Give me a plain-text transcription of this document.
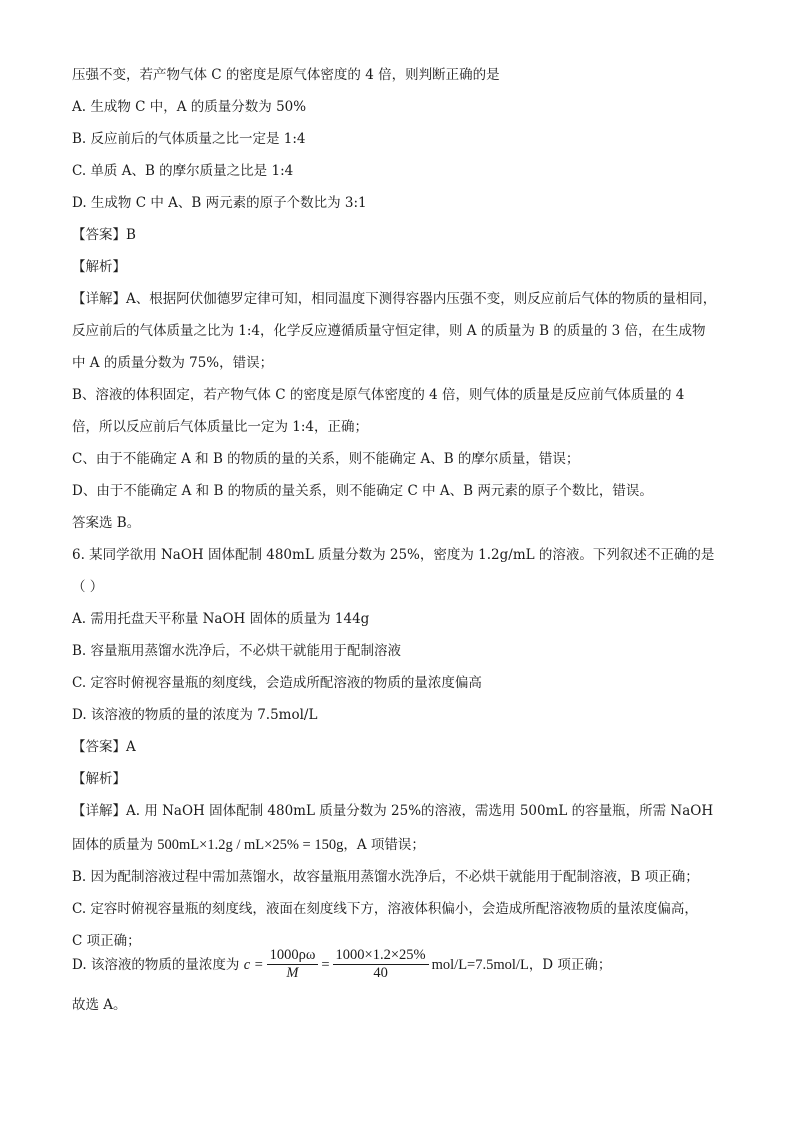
压强不变，若产物气体 C 的密度是原气体密度的 4 倍，则判断正确的是
A. 生成物 C 中，A 的质量分数为 50%
B. 反应前后的气体质量之比一定是 1:4
C. 单质 A、B 的摩尔质量之比是 1:4
D. 生成物 C 中 A、B 两元素的原子个数比为 3:1
【答案】B
【解析】
【详解】A、根据阿伏伽德罗定律可知，相同温度下测得容器内压强不变，则反应前后气体的物质的量相同，
反应前后的气体质量之比为 1:4，化学反应遵循质量守恒定律，则 A 的质量为 B 的质量的 3 倍，在生成物
中 A 的质量分数为 75%，错误；
B、溶液的体积固定，若产物气体 C 的密度是原气体密度的 4 倍，则气体的质量是反应前气体质量的 4
倍，所以反应前后气体质量比一定为 1:4，正确；
C、由于不能确定 A 和 B 的物质的量的关系，则不能确定 A、B 的摩尔质量，错误；
D、由于不能确定 A 和 B 的物质的量关系，则不能确定 C 中 A、B 两元素的原子个数比，错误。
答案选 B。
6. 某同学欲用 NaOH 固体配制 480mL 质量分数为 25%，密度为 1.2g/mL 的溶液。下列叙述不正确的是
（ ）
A. 需用托盘天平称量 NaOH 固体的质量为 144g
B. 容量瓶用蒸馏水洗净后，不必烘干就能用于配制溶液
C. 定容时俯视容量瓶的刻度线，会造成所配溶液的物质的量浓度偏高
D. 该溶液的物质的量的浓度为 7.5mol/L
【答案】A
【解析】
【详解】A. 用 NaOH 固体配制 480mL 质量分数为 25%的溶液，需选用 500mL 的容量瓶，所需 NaOH
固体的质量为 500mL×1.2g / mL×25% = 150g，A 项错误；
B. 因为配制溶液过程中需加蒸馏水，故容量瓶用蒸馏水洗净后，不必烘干就能用于配制溶液，B 项正确；
C. 定容时俯视容量瓶的刻度线，液面在刻度线下方，溶液体积偏小，会造成所配溶液物质的量浓度偏高，
C 项正确；
D. 该溶液的物质的量浓度为 $c = \frac{1000\rho\omega}{M} = \frac{1000\times 1.2\times 25\%}{40} mol/L=7.5mol/L$，D 项正确；
故选 A。
